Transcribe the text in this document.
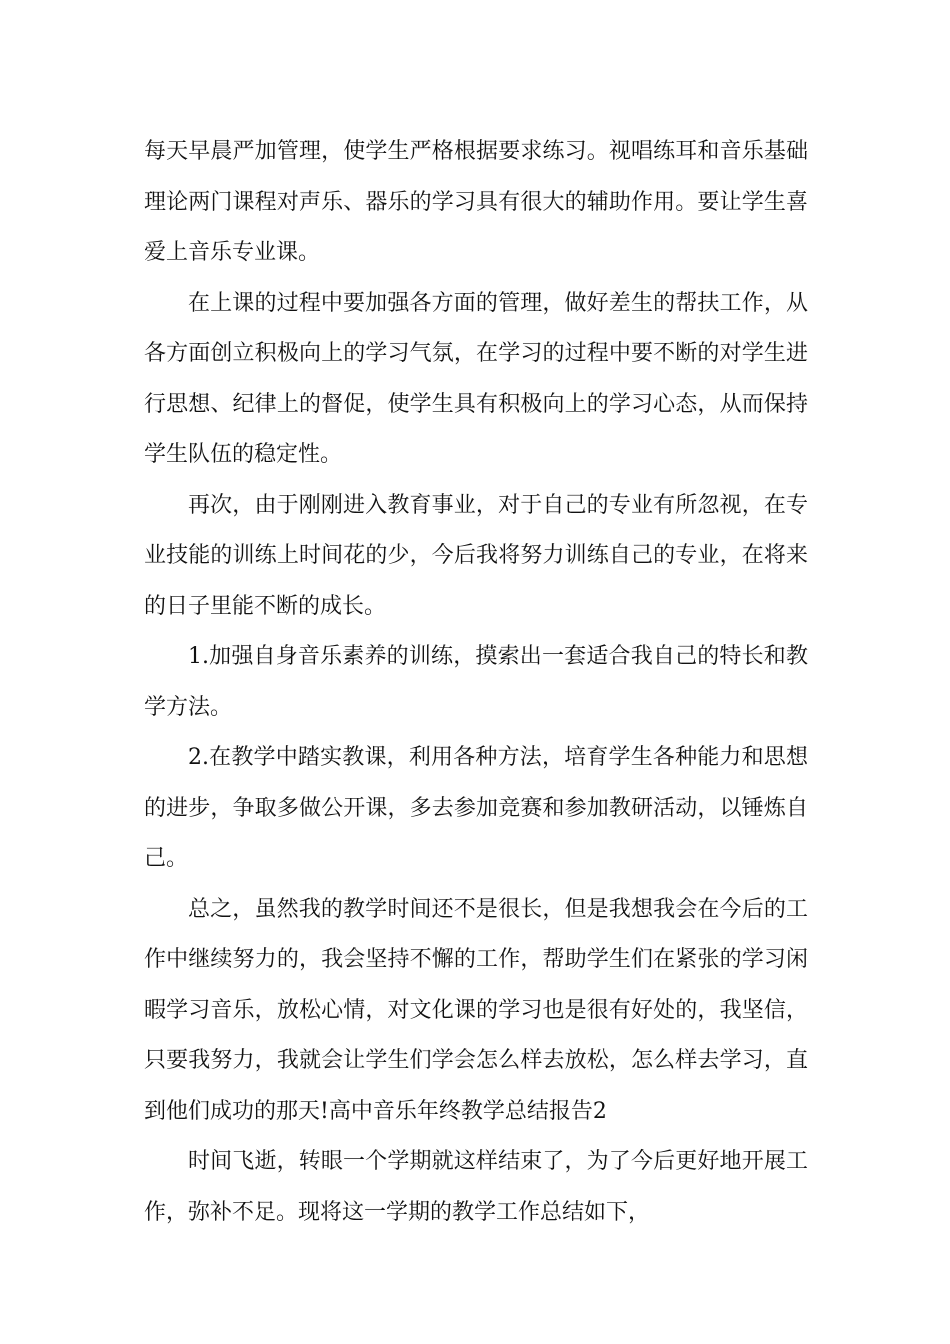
每天早晨严加管理，使学生严格根据要求练习。视唱练耳和音乐基础理论两门课程对声乐、器乐的学习具有很大的辅助作用。要让学生喜爱上音乐专业课。

在上课的过程中要加强各方面的管理，做好差生的帮扶工作，从各方面创立积极向上的学习气氛，在学习的过程中要不断的对学生进行思想、纪律上的督促，使学生具有积极向上的学习心态，从而保持学生队伍的稳定性。

再次，由于刚刚进入教育事业，对于自己的专业有所忽视，在专业技能的训练上时间花的少，今后我将努力训练自己的专业，在将来的日子里能不断的成长。

1.加强自身音乐素养的训练，摸索出一套适合我自己的特长和教学方法。

2.在教学中踏实教课，利用各种方法，培育学生各种能力和思想的进步，争取多做公开课，多去参加竞赛和参加教研活动，以锤炼自己。

总之，虽然我的教学时间还不是很长，但是我想我会在今后的工作中继续努力的，我会坚持不懈的工作，帮助学生们在紧张的学习闲暇学习音乐，放松心情，对文化课的学习也是很有好处的，我坚信，只要我努力，我就会让学生们学会怎么样去放松，怎么样去学习，直到他们成功的那天!高中音乐年终教学总结报告2

时间飞逝，转眼一个学期就这样结束了，为了今后更好地开展工作，弥补不足。现将这一学期的教学工作总结如下，
